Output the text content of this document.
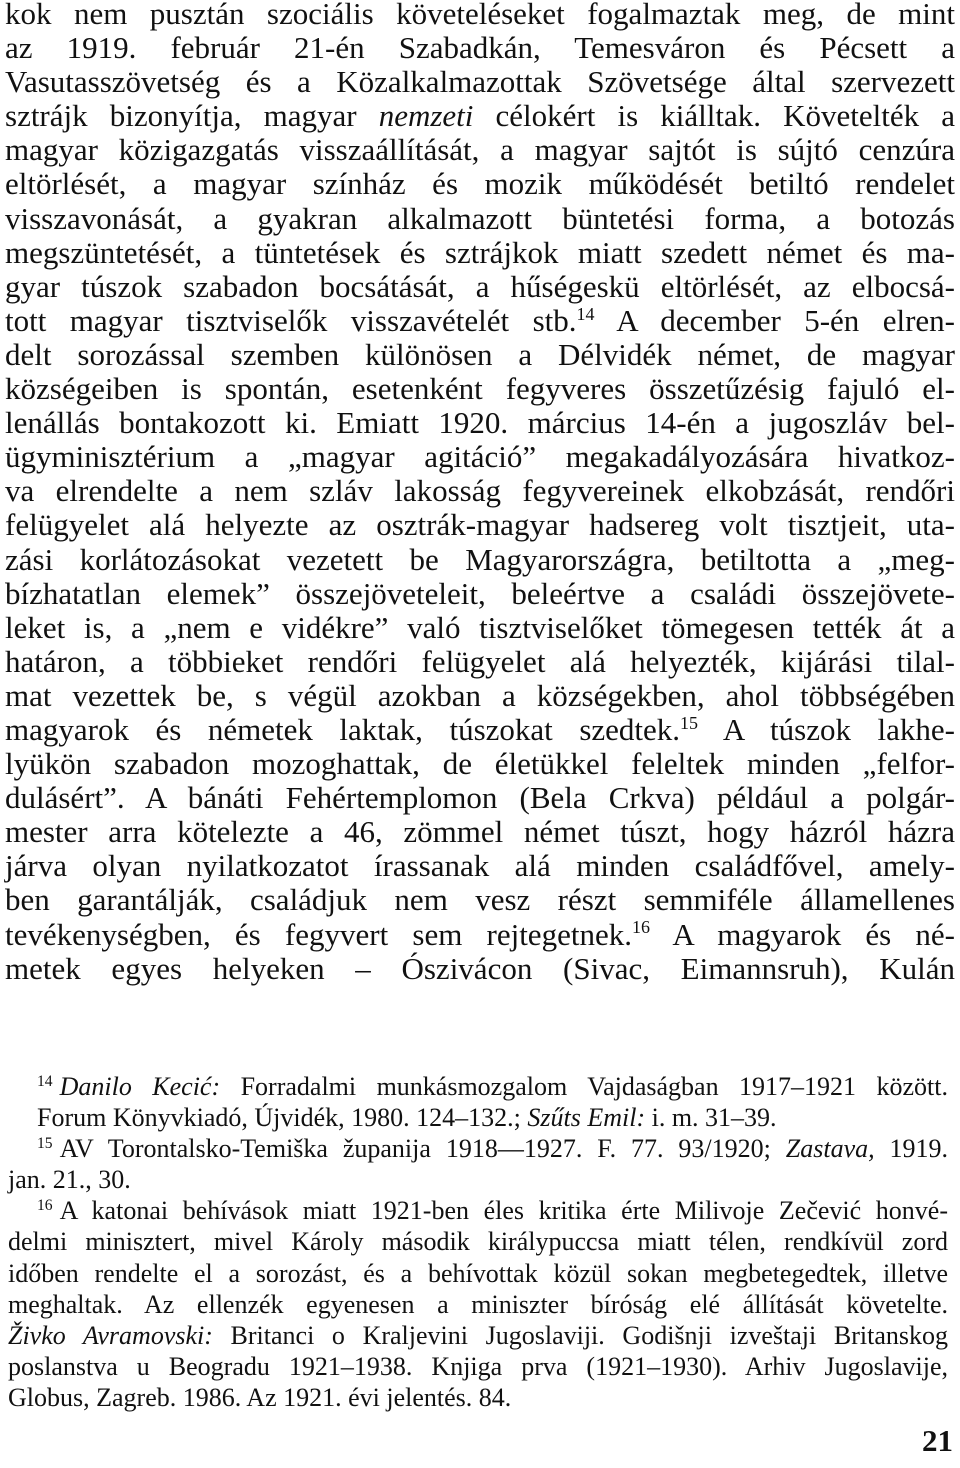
kok nem pusztán szociális követeléseket fogalmaztak meg, de mint
az 1919. február 21-én Szabadkán, Temesváron és Pécsett a
Vasutasszövetség és a Közalkalmazottak Szövetsége által szervezett
sztrájk bizonyítja, magyar nemzeti célokért is kiálltak. Követelték a
magyar közigazgatás visszaállítását, a magyar sajtót is sújtó cenzúra
eltörlését, a magyar színház és mozik működését betiltó rendelet
visszavonását, a gyakran alkalmazott büntetési forma, a botozás
megszüntetését, a tüntetések és sztrájkok miatt szedett német és ma-
gyar túszok szabadon bocsátását, a hűségeskü eltörlését, az elbocsá-
tott magyar tisztviselők visszavételét stb.$^{14}$ A december 5-én elren-
delt sorozással szemben különösen a Délvidék német, de magyar
községeiben is spontán, esetenként fegyveres összetűzésig fajuló el-
lenállás bontakozott ki. Emiatt 1920. március 14-én a jugoszláv bel-
ügyminisztérium a „magyar agitáció” megakadályozására hivatkoz-
va elrendelte a nem szláv lakosság fegyvereinek elkobzását, rendőri
felügyelet alá helyezte az osztrák-magyar hadsereg volt tisztjeit, uta-
zási korlátozásokat vezetett be Magyarországra, betiltotta a „meg-
bízhatatlan elemek” összejöveteleit, beleértve a családi összejövete-
leket is, a „nem e vidékre” való tisztviselőket tömegesen tették át a
határon, a többieket rendőri felügyelet alá helyezték, kijárási tilal-
mat vezettek be, s végül azokban a községekben, ahol többségében
magyarok és németek laktak, túszokat szedtek.$^{15}$ A túszok lakhe-
lyükön szabadon mozoghattak, de életükkel feleltek minden „felfor-
dulásért”. A bánáti Fehértemplomon (Bela Crkva) például a polgár-
mester arra kötelezte a 46, zömmel német túszt, hogy házról házra
járva olyan nyilatkozatot írassanak alá minden családfővel, amely-
ben garantálják, családjuk nem vesz részt semmiféle államellenes
tevékenységben, és fegyvert sem rejtegetnek.$^{16}$ A magyarok és né-
metek egyes helyeken – Ószivácon (Sivac, Eimannsruh), Kulán
$^{14}$ Danilo Kecić: Forradalmi munkásmozgalom Vajdaságban 1917–1921 között.
Forum Könyvkiadó, Újvidék, 1980. 124–132.; Szűts Emil: i. m. 31–39.
$^{15}$ AV Torontalsko-Temiška županija 1918—1927. F. 77. 93/1920; Zastava, 1919.
jan. 21., 30.
$^{16}$ A katonai behívások miatt 1921-ben éles kritika érte Milivoje Zečević honvé-
delmi minisztert, mivel Károly második királypuccsa miatt télen, rendkívül zord
időben rendelte el a sorozást, és a behívottak közül sokan megbetegedtek, illetve
meghaltak. Az ellenzék egyenesen a miniszter bíróság elé állítását követelte.
Živko Avramovski: Britanci o Kraljevini Jugoslaviji. Godišnji izveštaji Britanskog
poslanstva u Beogradu 1921–1938. Knjiga prva (1921–1930). Arhiv Jugoslavije,
Globus, Zagreb. 1986. Az 1921. évi jelentés. 84.
21
